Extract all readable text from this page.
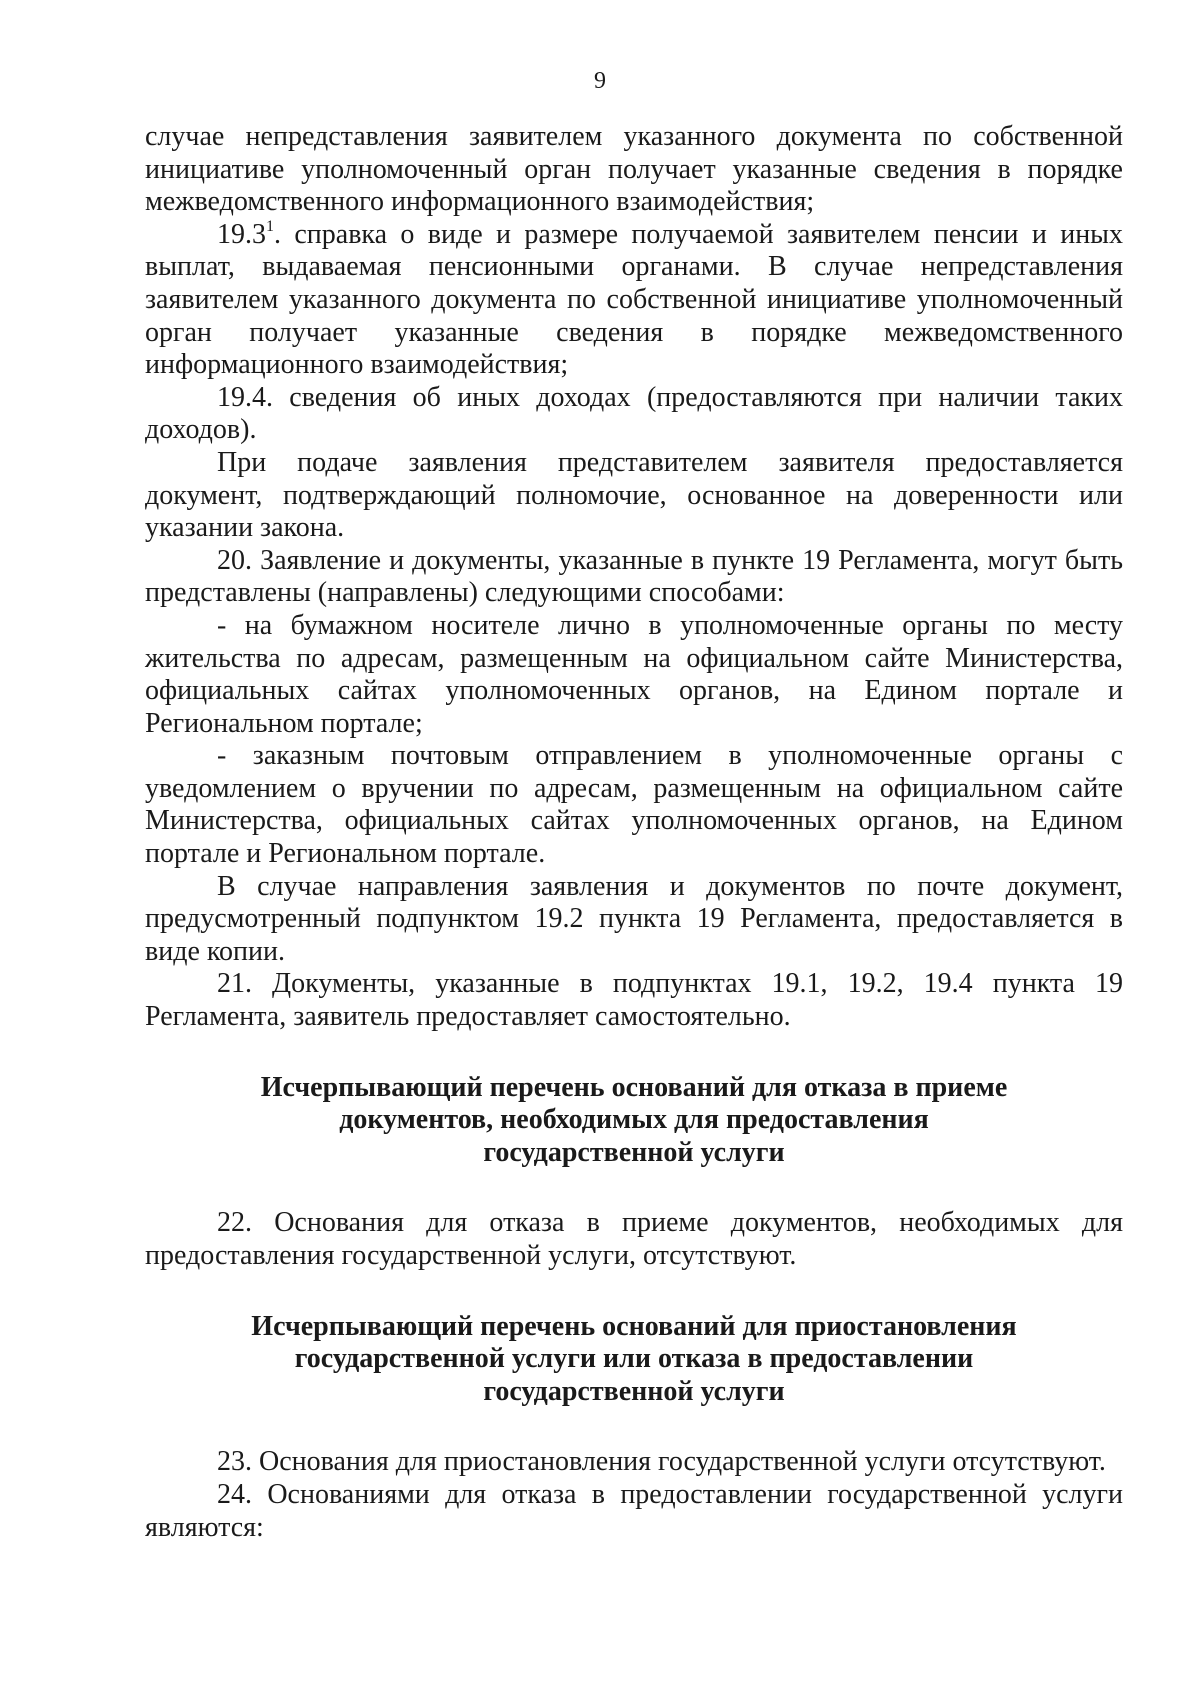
9

случае непредставления заявителем указанного документа по собственной инициативе уполномоченный орган получает указанные сведения в порядке межведомственного информационного взаимодействия;

19.3$^1$. справка о виде и размере получаемой заявителем пенсии и иных выплат, выдаваемая пенсионными органами. В случае непредставления заявителем указанного документа по собственной инициативе уполномоченный орган получает указанные сведения в порядке межведомственного информационного взаимодействия;

19.4. сведения об иных доходах (предоставляются при наличии таких доходов).

При подаче заявления представителем заявителя предоставляется документ, подтверждающий полномочие, основанное на доверенности или указании закона.

20. Заявление и документы, указанные в пункте 19 Регламента, могут быть представлены (направлены) следующими способами:

- на бумажном носителе лично в уполномоченные органы по месту жительства по адресам, размещенным на официальном сайте Министерства, официальных сайтах уполномоченных органов, на Едином портале и Региональном портале;

- заказным почтовым отправлением в уполномоченные органы с уведомлением о вручении по адресам, размещенным на официальном сайте Министерства, официальных сайтах уполномоченных органов, на Едином портале и Региональном портале.

В случае направления заявления и документов по почте документ, предусмотренный подпунктом 19.2 пункта 19 Регламента, предоставляется в виде копии.

21. Документы, указанные в подпунктах 19.1, 19.2, 19.4 пункта 19 Регламента, заявитель предоставляет самостоятельно.

Исчерпывающий перечень оснований для отказа в приеме
документов, необходимых для предоставления
государственной услуги

22. Основания для отказа в приеме документов, необходимых для предоставления государственной услуги, отсутствуют.

Исчерпывающий перечень оснований для приостановления
государственной услуги или отказа в предоставлении
государственной услуги

23. Основания для приостановления государственной услуги отсутствуют.

24. Основаниями для отказа в предоставлении государственной услуги являются:
